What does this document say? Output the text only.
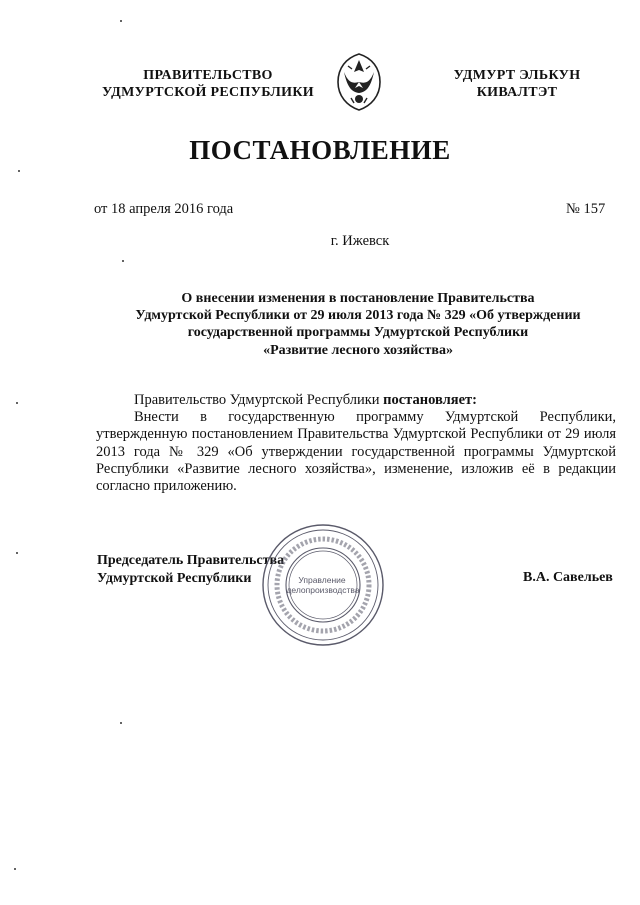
ПРАВИТЕЛЬСТВО
УДМУРТСКОЙ РЕСПУБЛИКИ
УДМУРТ ЭЛЬКУН
КИВАЛТЭТ
ПОСТАНОВЛЕНИЕ
от 18 апреля 2016 года	№ 157
г. Ижевск
О внесении изменения в постановление Правительства
Удмуртской Республики от 29 июля 2013 года № 329 «Об утверждении
государственной программы Удмуртской Республики
«Развитие лесного хозяйства»
Правительство Удмуртской Республики постановляет:

Внести в государственную программу Удмуртской Республики, утвержденную постановлением Правительства Удмуртской Республики от 29 июля 2013 года № 329 «Об утверждении государственной программы Удмуртской Республики «Развитие лесного хозяйства», изменение, изложив её в редакции согласно приложению.

Председатель Правительства
Удмуртской Республики	В.А. Савельев
Управление
делопроизводства
